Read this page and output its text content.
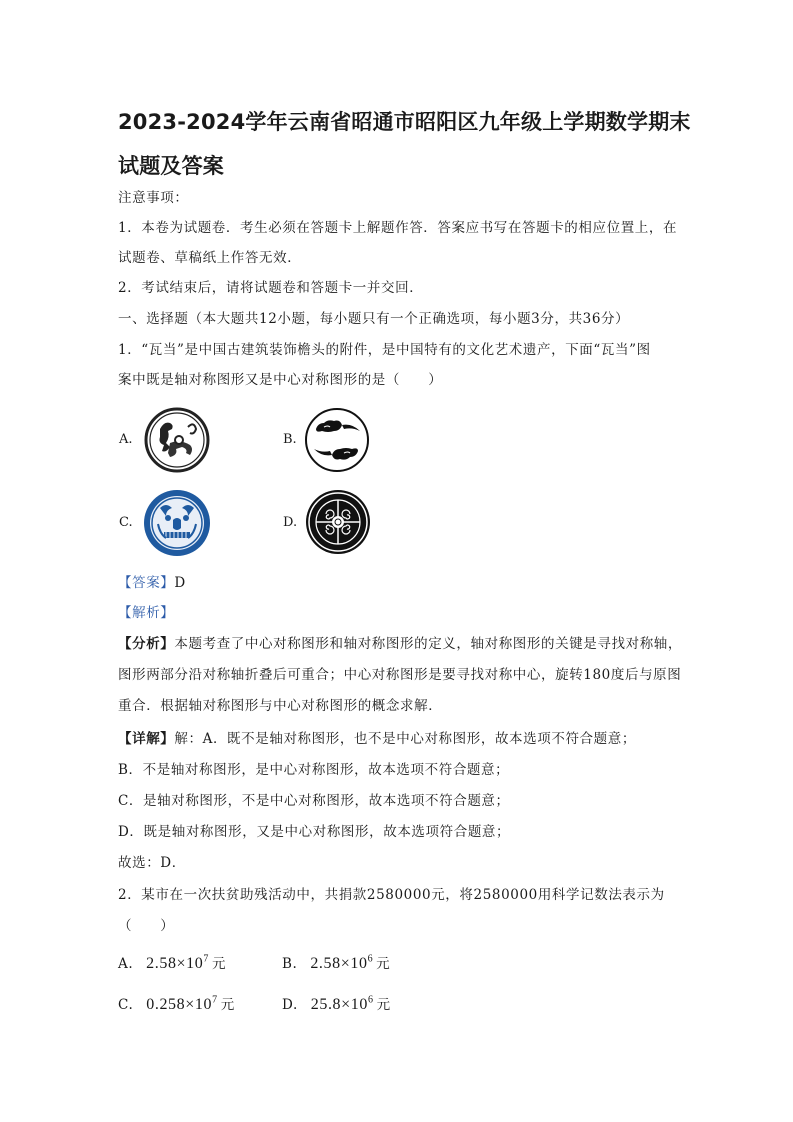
2023-2024学年云南省昭通市昭阳区九年级上学期数学期末
试题及答案
注意事项：
1．本卷为试题卷．考生必须在答题卡上解题作答．答案应书写在答题卡的相应位置上，在
试题卷、草稿纸上作答无效．
2．考试结束后，请将试题卷和答题卡一并交回．
一、选择题（本大题共12小题，每小题只有一个正确选项，每小题3分，共36分）
1．“瓦当”是中国古建筑装饰檐头的附件，是中国特有的文化艺术遗产，下面“瓦当”图
案中既是轴对称图形又是中心对称图形的是（　　）
A.	B.
C.	D.
【答案】D
【解析】
【分析】本题考查了中心对称图形和轴对称图形的定义，轴对称图形的关键是寻找对称轴，
图形两部分沿对称轴折叠后可重合；中心对称图形是要寻找对称中心，旋转180度后与原图
重合．根据轴对称图形与中心对称图形的概念求解．
【详解】解：A．既不是轴对称图形，也不是中心对称图形，故本选项不符合题意；
B．不是轴对称图形，是中心对称图形，故本选项不符合题意；
C．是轴对称图形，不是中心对称图形，故本选项不符合题意；
D．既是轴对称图形，又是中心对称图形，故本选项符合题意；
故选：D．
2．某市在一次扶贫助残活动中，共捐款2580000元，将2580000用科学记数法表示为
（　　）
A. $2.58\times 10^7$ 元	B. $2.58\times 10^6$ 元
C. $0.258\times 10^7$ 元	D. $25.8\times 10^6$ 元
